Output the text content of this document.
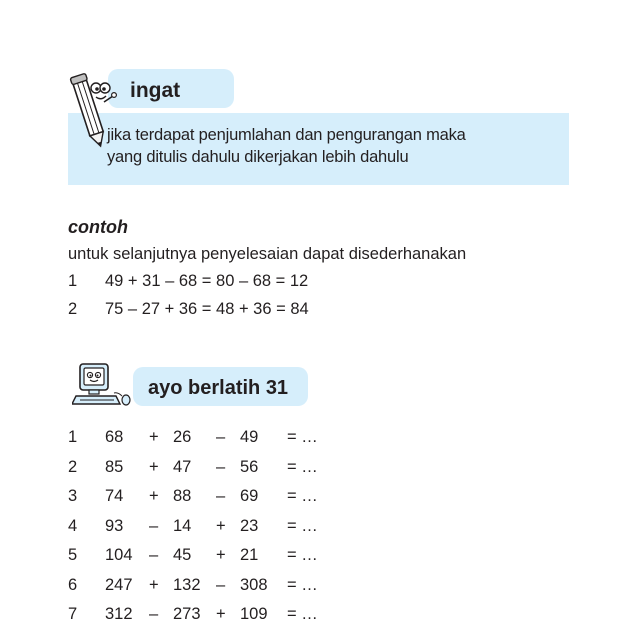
ingat
jika terdapat penjumlahan dan pengurangan maka
yang ditulis dahulu dikerjakan lebih dahulu
contoh
untuk selanjutnya penyelesaian dapat disederhanakan
1 49 + 31 – 68 = 80 – 68 = 12
2 75 – 27 + 36 = 48 + 36 = 84
ayo berlatih 31
1 68 + 26 – 49 = …
2 85 + 47 – 56 = …
3 74 + 88 – 69 = …
4 93 – 14 + 23 = …
5 104 – 45 + 21 = …
6 247 + 132 – 308 = …
7 312 – 273 + 109 = …
